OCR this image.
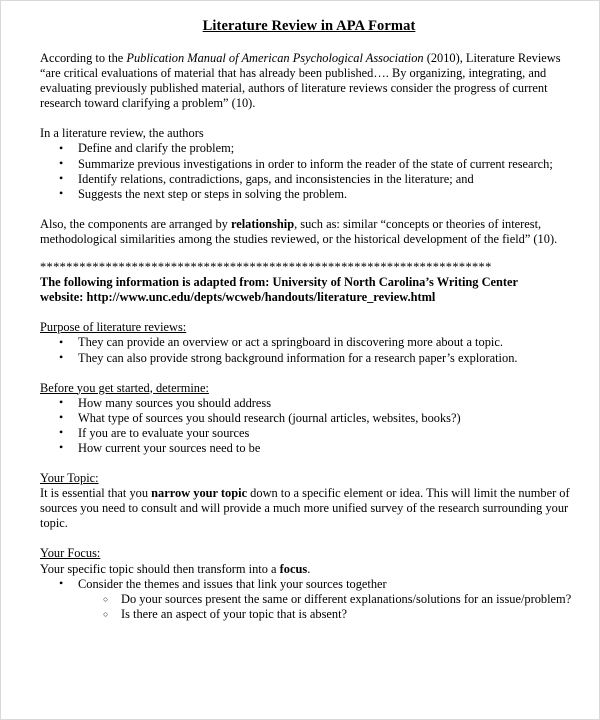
Literature Review in APA Format

According to the Publication Manual of American Psychological Association (2010), Literature Reviews “are critical evaluations of material that has already been published…. By organizing, integrating, and evaluating previously published material, authors of literature reviews consider the progress of current research toward clarifying a problem” (10).

In a literature review, the authors

• Define and clarify the problem;
• Summarize previous investigations in order to inform the reader of the state of current research;
• Identify relations, contradictions, gaps, and inconsistencies in the literature; and
• Suggests the next step or steps in solving the problem.

Also, the components are arranged by relationship, such as: similar “concepts or theories of interest, methodological similarities among the studies reviewed, or the historical development of the field” (10).

*********************************************************************

The following information is adapted from: University of North Carolina’s Writing Center

website: http://www.unc.edu/depts/wcweb/handouts/literature_review.html

Purpose of literature reviews:

• They can provide an overview or act a springboard in discovering more about a topic.
• They can also provide strong background information for a research paper’s exploration.

Before you get started, determine:

• How many sources you should address
• What type of sources you should research (journal articles, websites, books?)
• If you are to evaluate your sources
• How current your sources need to be

Your Topic:

It is essential that you narrow your topic down to a specific element or idea. This will limit the number of sources you need to consult and will provide a much more unified survey of the research surrounding your topic.

Your Focus:

Your specific topic should then transform into a focus.

• Consider the themes and issues that link your sources together
○ Do your sources present the same or different explanations/solutions for an issue/problem?
○ Is there an aspect of your topic that is absent?
